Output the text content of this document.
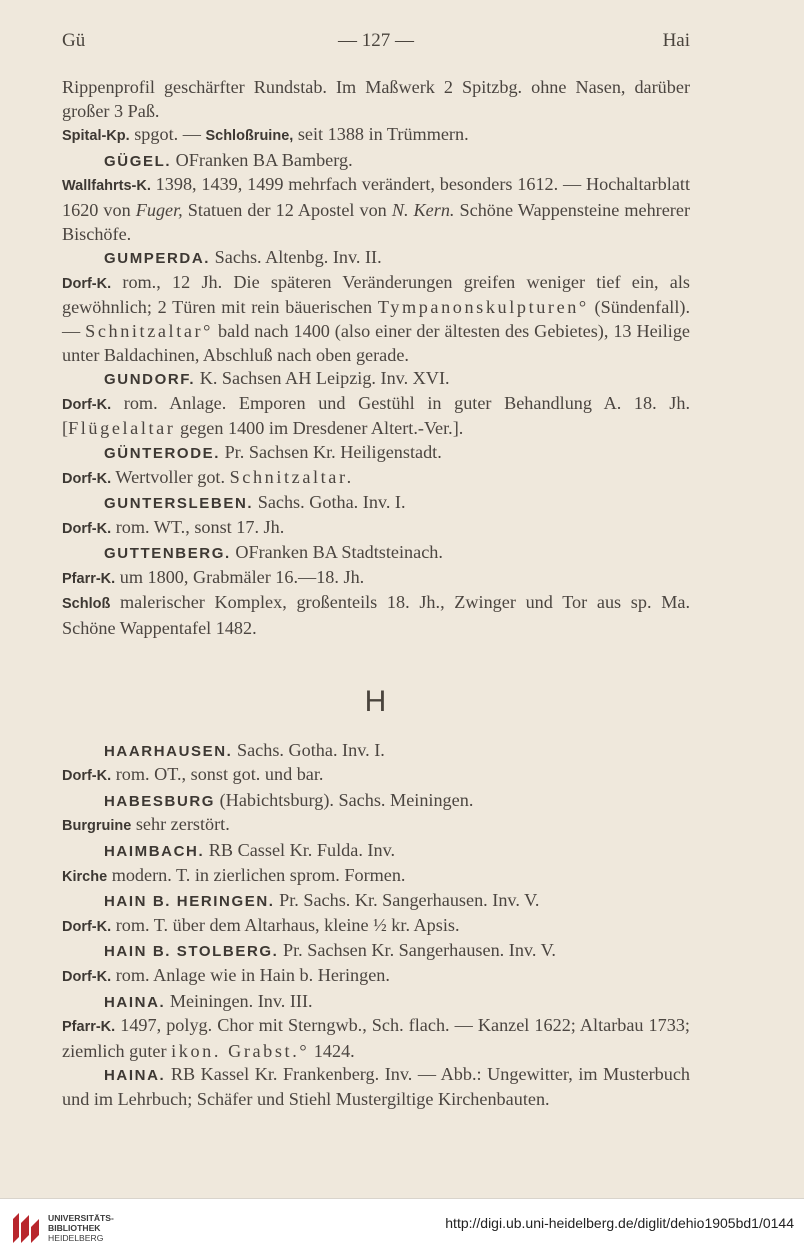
Gü	— 127 —	Hai

Rippenprofil geschärfter Rundstab. Im Maßwerk 2 Spitzbg. ohne Nasen, darüber großer 3 Paß.

Spital-Kp. spgot. — Schloßruine, seit 1388 in Trümmern.

GÜGEL. OFranken BA Bamberg.

Wallfahrts-K. 1398, 1439, 1499 mehrfach verändert, besonders 1612. — Hochaltarblatt 1620 von Fuger, Statuen der 12 Apostel von N. Kern. Schöne Wappensteine mehrerer Bischöfe.

GUMPERDA. Sachs. Altenbg. Inv. II.

Dorf-K. rom., 12 Jh. Die späteren Veränderungen greifen weniger tief ein, als gewöhnlich; 2 Türen mit rein bäuerischen Tympanonskulpturen° (Sündenfall). — Schnitzaltar° bald nach 1400 (also einer der ältesten des Gebietes), 13 Heilige unter Baldachinen, Abschluß nach oben gerade.

GUNDORF. K. Sachsen AH Leipzig. Inv. XVI.

Dorf-K. rom. Anlage. Emporen und Gestühl in guter Behandlung A. 18. Jh. [Flügelaltar gegen 1400 im Dresdener Altert.-Ver.].

GÜNTERODE. Pr. Sachsen Kr. Heiligenstadt.

Dorf-K. Wertvoller got. Schnitzaltar.

GUNTERSLEBEN. Sachs. Gotha. Inv. I.

Dorf-K. rom. WT., sonst 17. Jh.

GUTTENBERG. OFranken BA Stadtsteinach.

Pfarr-K. um 1800, Grabmäler 16.—18. Jh.

Schloß malerischer Komplex, großenteils 18. Jh., Zwinger und Tor aus sp. Ma. Schöne Wappentafel 1482.

H

HAARHAUSEN. Sachs. Gotha. Inv. I.

Dorf-K. rom. OT., sonst got. und bar.

HABESBURG (Habichtsburg). Sachs. Meiningen.

Burgruine sehr zerstört.

HAIMBACH. RB Cassel Kr. Fulda. Inv.

Kirche modern. T. in zierlichen sprom. Formen.

HAIN B. HERINGEN. Pr. Sachs. Kr. Sangerhausen. Inv. V.

Dorf-K. rom. T. über dem Altarhaus, kleine ½ kr. Apsis.

HAIN B. STOLBERG. Pr. Sachsen Kr. Sangerhausen. Inv. V.

Dorf-K. rom. Anlage wie in Hain b. Heringen.

HAINA. Meiningen. Inv. III.

Pfarr-K. 1497, polyg. Chor mit Sterngwb., Sch. flach. — Kanzel 1622; Altarbau 1733; ziemlich guter ikon. Grabst.° 1424.

HAINA. RB Kassel Kr. Frankenberg. Inv. — Abb.: Ungewitter, im Musterbuch und im Lehrbuch; Schäfer und Stiehl Mustergiltige Kirchenbauten.

UNIVERSITÄTS-
BIBLIOTHEK
HEIDELBERG
http://digi.ub.uni-heidelberg.de/diglit/dehio1905bd1/0144
